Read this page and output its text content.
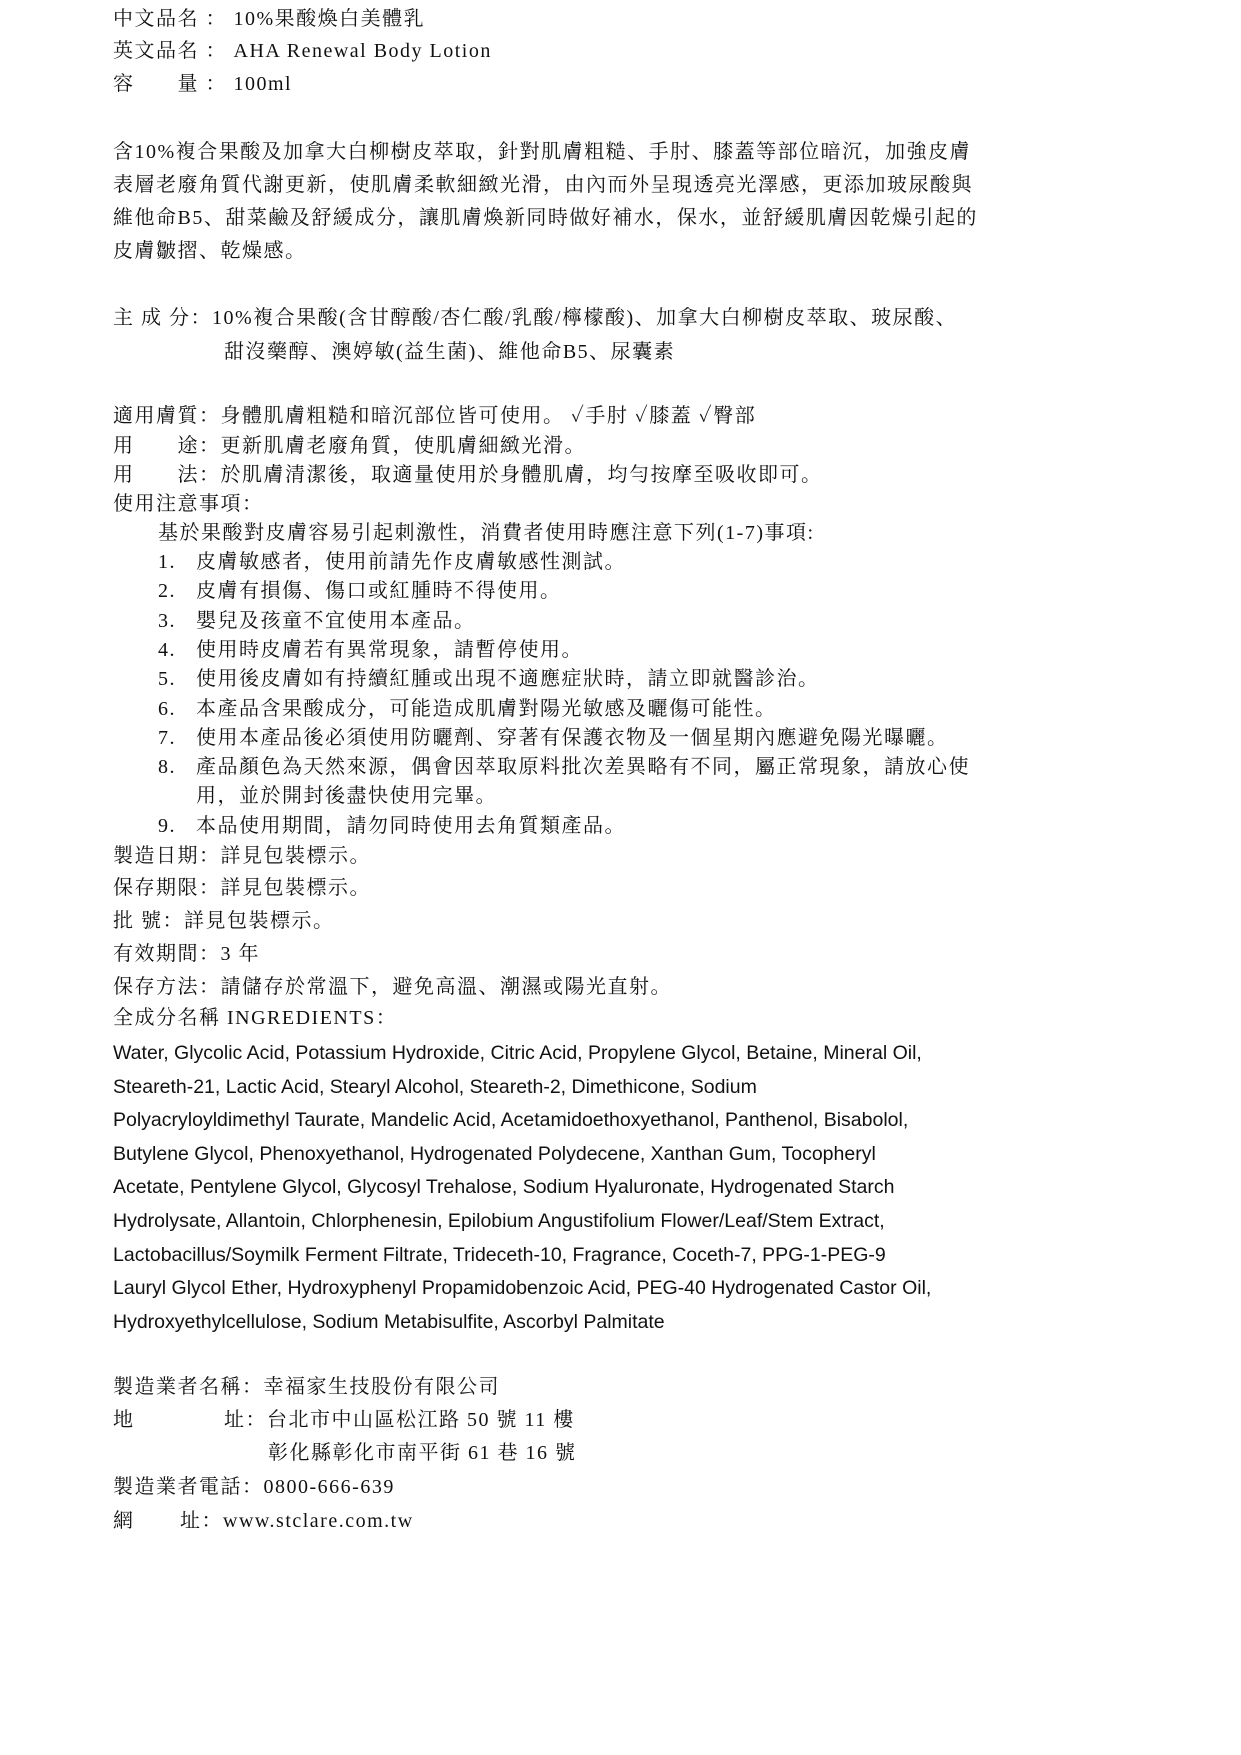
中文品名 ： 10%果酸煥白美體乳
英文品名 ： AHA Renewal Body Lotion
容　　量 ： 100ml
含10%複合果酸及加拿大白柳樹皮萃取，針對肌膚粗糙、手肘、膝蓋等部位暗沉，加強皮膚
表層老廢角質代謝更新，使肌膚柔軟細緻光滑，由內而外呈現透亮光澤感，更添加玻尿酸與
維他命B5、甜菜鹼及舒緩成分，讓肌膚煥新同時做好補水，保水，並舒緩肌膚因乾燥引起的
皮膚皺摺、乾燥感。
主 成 分：10%複合果酸(含甘醇酸/杏仁酸/乳酸/檸檬酸)、加拿大白柳樹皮萃取、玻尿酸、
甜沒藥醇、澳婷敏(益生菌)、維他命B5、尿囊素
適用膚質：身體肌膚粗糙和暗沉部位皆可使用。 ✓手肘 ✓膝蓋 ✓臀部
用　　途：更新肌膚老廢角質，使肌膚細緻光滑。
用　　法：於肌膚清潔後，取適量使用於身體肌膚，均勻按摩至吸收即可。
使用注意事項：
基於果酸對皮膚容易引起刺激性，消費者使用時應注意下列(1-7)事項:
1. 皮膚敏感者，使用前請先作皮膚敏感性測試。
2. 皮膚有損傷、傷口或紅腫時不得使用。
3. 嬰兒及孩童不宜使用本產品。
4. 使用時皮膚若有異常現象，請暫停使用。
5. 使用後皮膚如有持續紅腫或出現不適應症狀時，請立即就醫診治。
6. 本產品含果酸成分，可能造成肌膚對陽光敏感及曬傷可能性。
7. 使用本產品後必須使用防曬劑、穿著有保護衣物及一個星期內應避免陽光曝曬。
8. 產品顏色為天然來源，偶會因萃取原料批次差異略有不同，屬正常現象，請放心使
用，並於開封後盡快使用完畢。
9. 本品使用期間，請勿同時使用去角質類產品。
製造日期：詳見包裝標示。
保存期限：詳見包裝標示。
批 號：詳見包裝標示。
有效期間：3 年
保存方法：請儲存於常溫下，避免高溫、潮濕或陽光直射。
全成分名稱 INGREDIENTS：
Water, Glycolic Acid, Potassium Hydroxide, Citric Acid, Propylene Glycol, Betaine, Mineral Oil,
Steareth-21, Lactic Acid, Stearyl Alcohol, Steareth-2, Dimethicone, Sodium
Polyacryloyldimethyl Taurate, Mandelic Acid, Acetamidoethoxyethanol, Panthenol, Bisabolol,
Butylene Glycol, Phenoxyethanol, Hydrogenated Polydecene, Xanthan Gum, Tocopheryl
Acetate, Pentylene Glycol, Glycosyl Trehalose, Sodium Hyaluronate, Hydrogenated Starch
Hydrolysate, Allantoin, Chlorphenesin, Epilobium Angustifolium Flower/Leaf/Stem Extract,
Lactobacillus/Soymilk Ferment Filtrate, Trideceth-10, Fragrance, Coceth-7, PPG-1-PEG-9
Lauryl Glycol Ether, Hydroxyphenyl Propamidobenzoic Acid, PEG-40 Hydrogenated Castor Oil,
Hydroxyethylcellulose, Sodium Metabisulfite, Ascorbyl Palmitate
製造業者名稱：幸福家生技股份有限公司
地	址：台北市中山區松江路 50 號 11 樓
彰化縣彰化市南平街 61 巷 16 號
製造業者電話：0800-666-639
網 址：www.stclare.com.tw
